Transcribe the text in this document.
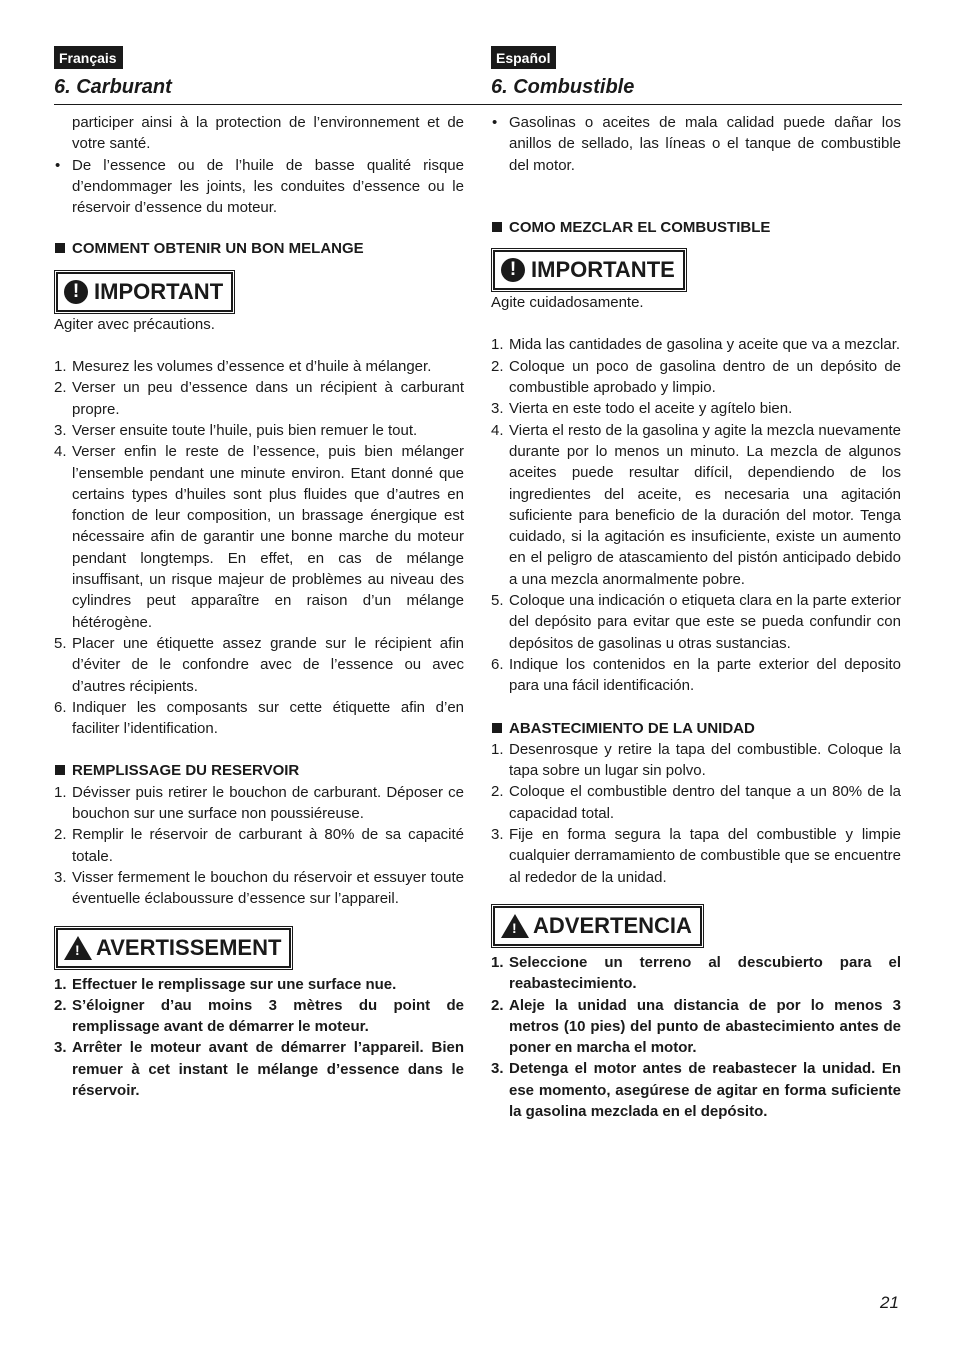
Français
6. Carburant
Español
6. Combustible

participer ainsi à la protection de l’environnement et de votre santé.

• De l’essence ou de l’huile de basse qualité risque d’endommager les joints, les conduites d’essence ou le réservoir d’essence du moteur.
COMMENT OBTENIR UN BON MELANGE
! IMPORTANT

Agiter avec précautions.

1. Mesurez les volumes d’essence et d’huile à mélanger.
2. Verser un peu d’essence dans un récipient à carburant propre.
3. Verser ensuite toute l’huile, puis bien remuer le tout.
4. Verser enfin le reste de l’essence, puis bien mélanger l’ensemble pendant une minute environ. Etant donné que certains types d’huiles sont plus fluides que d’autres en fonction de leur composition, un brassage énergique est nécessaire afin de garantir une bonne marche du moteur pendant longtemps. En effet, en cas de mélange insuffisant, un risque majeur de problèmes au niveau des cylindres peut apparaître en raison d’un mélange hétérogène.
5. Placer une étiquette assez grande sur le récipient afin d’éviter de le confondre avec de l’essence ou avec d’autres récipients.
6. Indiquer les composants sur cette étiquette afin d’en faciliter l’identification.
REMPLISSAGE DU RESERVOIR
1. Dévisser puis retirer le bouchon de carburant. Déposer ce bouchon sur une surface non poussiéreuse.
2. Remplir le réservoir de carburant à 80% de sa capacité totale.
3. Visser fermement le bouchon du réservoir et essuyer toute éventuelle éclaboussure d’essence sur l’appareil.
! AVERTISSEMENT
1. Effectuer le remplissage sur une surface nue.
2. S’éloigner d’au moins 3 mètres du point de remplissage avant de démarrer le moteur.
3. Arrêter le moteur avant de démarrer l’appareil. Bien remuer à cet instant le mélange d’essence dans le réservoir.
• Gasolinas o aceites de mala calidad puede dañar los anillos de sellado, las líneas o el tanque de combustible del motor.
COMO MEZCLAR EL COMBUSTIBLE
! IMPORTANTE

Agite cuidadosamente.

1. Mida las cantidades de gasolina y aceite que va a mezclar.
2. Coloque un poco de gasolina dentro de un depósito de combustible aprobado y limpio.
3. Vierta en este todo el aceite y agítelo bien.
4. Vierta el resto de la gasolina y agite la mezcla nuevamente durante por lo menos un minuto. La mezcla de algunos aceites puede resultar difícil, dependiendo de los ingredientes del aceite, es necesaria una agitación suficiente para beneficio de la duración del motor. Tenga cuidado, si la agitación es insuficiente, existe un aumento en el peligro de atascamiento del pistón anticipado debido a una mezcla anormalmente pobre.
5. Coloque una indicación o etiqueta clara en la parte exterior del depósito para evitar que este se pueda confundir con depósitos de gasolinas u otras sustancias.
6. Indique los contenidos en la parte exterior del deposito para una fácil identificación.
ABASTECIMIENTO DE LA UNIDAD
1. Desenrosque y retire la tapa del combustible. Coloque la tapa sobre un lugar sin polvo.
2. Coloque el combustible dentro del tanque a un 80% de la capacidad total.
3. Fije en forma segura la tapa del combustible y limpie cualquier derramamiento de combustible que se encuentre al rededor de la unidad.
! ADVERTENCIA
1. Seleccione un terreno al descubierto para el reabastecimiento.
2. Aleje la unidad una distancia de por lo menos 3 metros (10 pies) del punto de abastecimiento antes de poner en marcha el motor.
3. Detenga el motor antes de reabastecer la unidad. En ese momento, asegúrese de agitar en forma suficiente la gasolina mezclada en el depósito.
21
